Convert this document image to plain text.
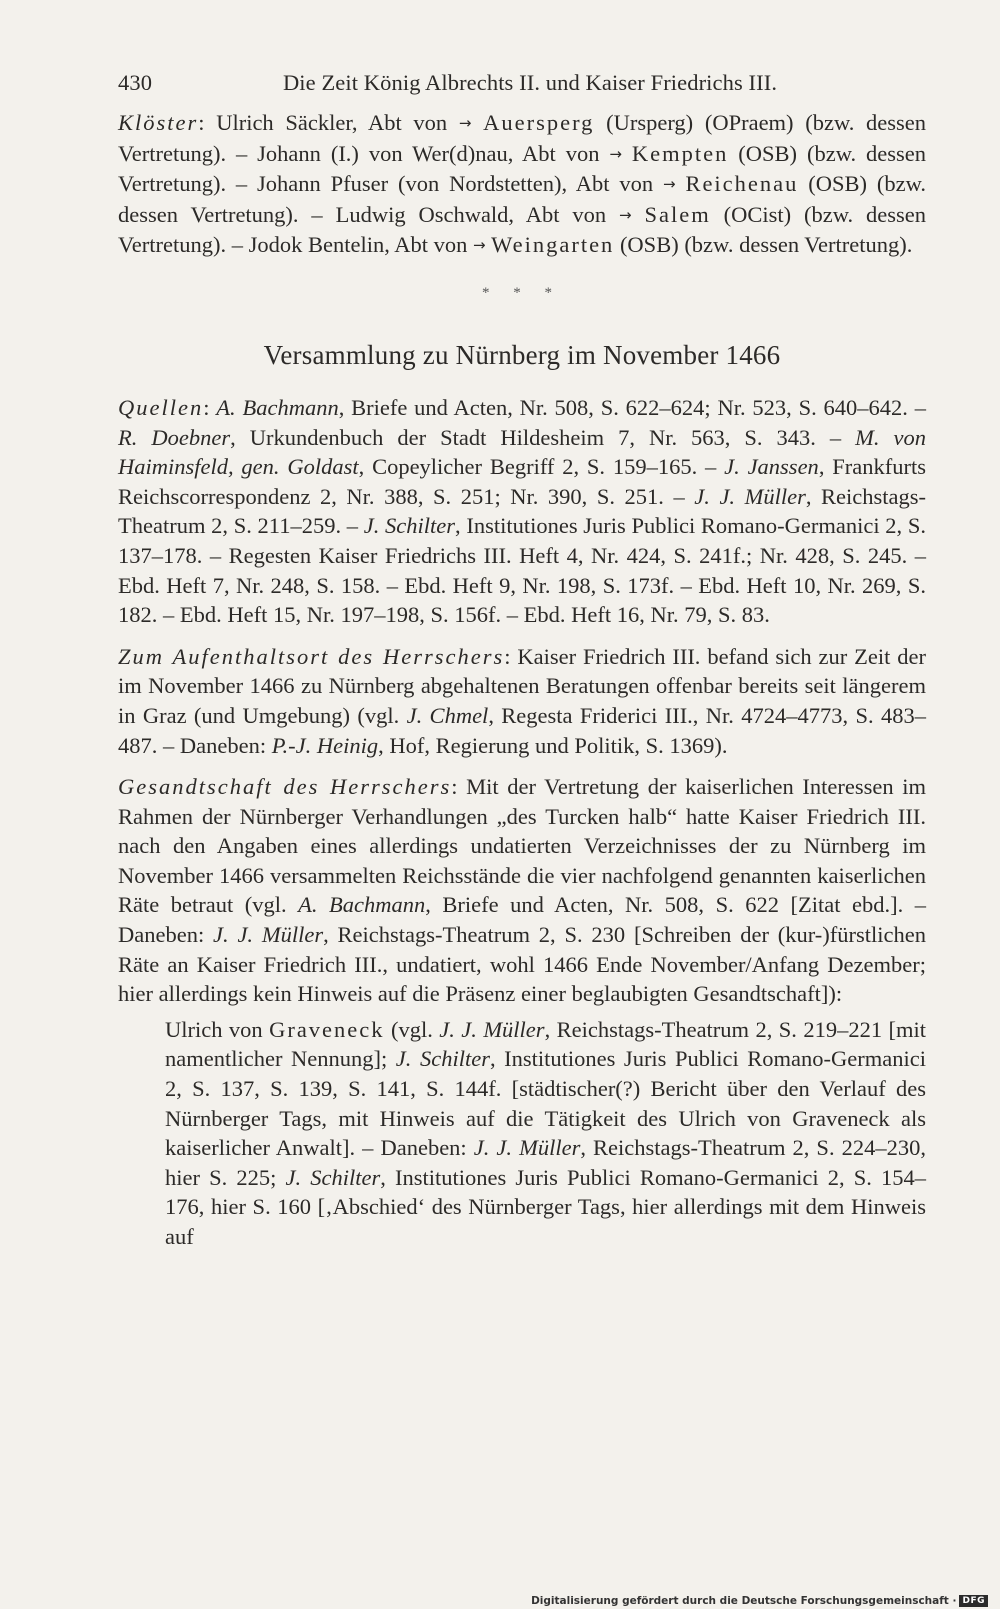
430	Die Zeit König Albrechts II. und Kaiser Friedrichs III.
Klöster: Ulrich Säckler, Abt von → Auersperg (Ursperg) (OPraem) (bzw. dessen Vertretung). – Johann (I.) von Wer(d)nau, Abt von → Kempten (OSB) (bzw. dessen Vertretung). – Johann Pfuser (von Nordstetten), Abt von → Reichenau (OSB) (bzw. dessen Vertretung). – Ludwig Oschwald, Abt von → Salem (OCist) (bzw. dessen Vertretung). – Jodok Bentelin, Abt von → Weingarten (OSB) (bzw. dessen Vertretung).
* * *
Versammlung zu Nürnberg im November 1466
Quellen: A. Bachmann, Briefe und Acten, Nr. 508, S. 622–624; Nr. 523, S. 640–642. – R. Doebner, Urkundenbuch der Stadt Hildesheim 7, Nr. 563, S. 343. – M. von Haiminsfeld, gen. Goldast, Copeylicher Begriff 2, S. 159–165. – J. Janssen, Frankfurts Reichscorrespondenz 2, Nr. 388, S. 251; Nr. 390, S. 251. – J. J. Müller, Reichstags-Theatrum 2, S. 211–259. – J. Schilter, Institutiones Juris Publici Romano-Germanici 2, S. 137–178. – Regesten Kaiser Friedrichs III. Heft 4, Nr. 424, S. 241f.; Nr. 428, S. 245. – Ebd. Heft 7, Nr. 248, S. 158. – Ebd. Heft 9, Nr. 198, S. 173f. – Ebd. Heft 10, Nr. 269, S. 182. – Ebd. Heft 15, Nr. 197–198, S. 156f. – Ebd. Heft 16, Nr. 79, S. 83.
Zum Aufenthaltsort des Herrschers: Kaiser Friedrich III. befand sich zur Zeit der im November 1466 zu Nürnberg abgehaltenen Beratungen offenbar bereits seit längerem in Graz (und Umgebung) (vgl. J. Chmel, Regesta Friderici III., Nr. 4724–4773, S. 483–487. – Daneben: P.-J. Heinig, Hof, Regierung und Politik, S. 1369).
Gesandtschaft des Herrschers: Mit der Vertretung der kaiserlichen Interessen im Rahmen der Nürnberger Verhandlungen „des Turcken halb“ hatte Kaiser Friedrich III. nach den Angaben eines allerdings undatierten Verzeichnisses der zu Nürnberg im November 1466 versammelten Reichsstände die vier nachfolgend genannten kaiserlichen Räte betraut (vgl. A. Bachmann, Briefe und Acten, Nr. 508, S. 622 [Zitat ebd.]. – Daneben: J. J. Müller, Reichstags-Theatrum 2, S. 230 [Schreiben der (kur-)fürstlichen Räte an Kaiser Friedrich III., undatiert, wohl 1466 Ende November/Anfang Dezember; hier allerdings kein Hinweis auf die Präsenz einer beglaubigten Gesandtschaft]):
Ulrich von Graveneck (vgl. J. J. Müller, Reichstags-Theatrum 2, S. 219–221 [mit namentlicher Nennung]; J. Schilter, Institutiones Juris Publici Romano-Germanici 2, S. 137, S. 139, S. 141, S. 144f. [städtischer(?) Bericht über den Verlauf des Nürnberger Tags, mit Hinweis auf die Tätigkeit des Ulrich von Graveneck als kaiserlicher Anwalt]. – Daneben: J. J. Müller, Reichstags-Theatrum 2, S. 224–230, hier S. 225; J. Schilter, Institutiones Juris Publici Romano-Germanici 2, S. 154–176, hier S. 160 [‚Abschied‘ des Nürnberger Tags, hier allerdings mit dem Hinweis auf
Digitalisierung gefördert durch die Deutsche Forschungsgemeinschaft · DFG
